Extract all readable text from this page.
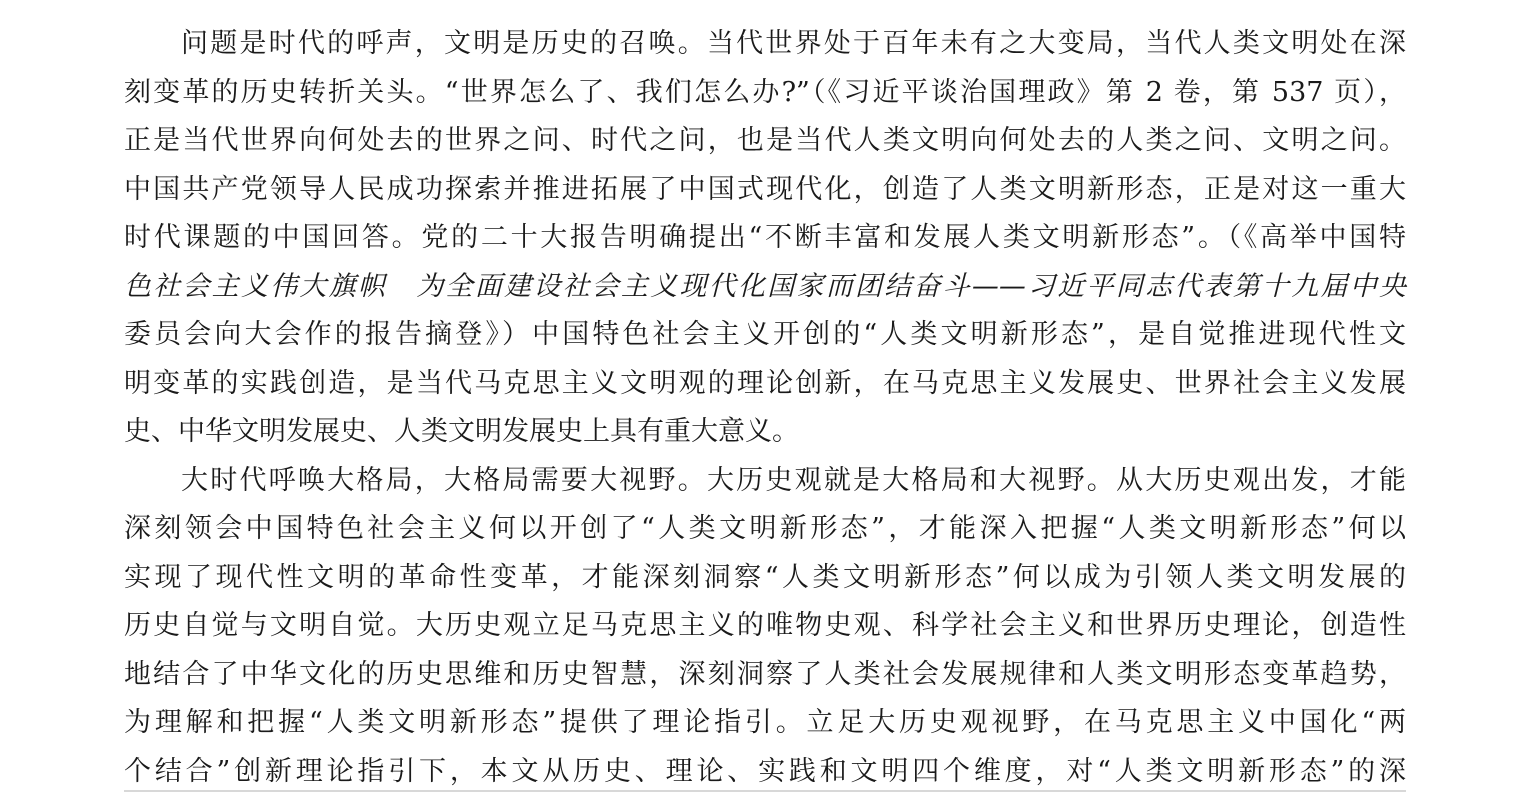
问题是时代的呼声，文明是历史的召唤。当代世界处于百年未有之大变局，当代人类文明处在深
刻变革的历史转折关头。“世界怎么了、我们怎么办?”（《习近平谈治国理政》第 2 卷，第 537 页），
正是当代世界向何处去的世界之问、时代之问，也是当代人类文明向何处去的人类之问、文明之问。
中国共产党领导人民成功探索并推进拓展了中国式现代化，创造了人类文明新形态，正是对这一重大
时代课题的中国回答。党的二十大报告明确提出“不断丰富和发展人类文明新形态”。（《高举中国特
色社会主义伟大旗帜　为全面建设社会主义现代化国家而团结奋斗——习近平同志代表第十九届中央
委员会向大会作的报告摘登》）中国特色社会主义开创的“人类文明新形态”，是自觉推进现代性文
明变革的实践创造，是当代马克思主义文明观的理论创新，在马克思主义发展史、世界社会主义发展
史、中华文明发展史、人类文明发展史上具有重大意义。
大时代呼唤大格局，大格局需要大视野。大历史观就是大格局和大视野。从大历史观出发，才能
深刻领会中国特色社会主义何以开创了“人类文明新形态”，才能深入把握“人类文明新形态”何以
实现了现代性文明的革命性变革，才能深刻洞察“人类文明新形态”何以成为引领人类文明发展的
历史自觉与文明自觉。大历史观立足马克思主义的唯物史观、科学社会主义和世界历史理论，创造性
地结合了中华文化的历史思维和历史智慧，深刻洞察了人类社会发展规律和人类文明形态变革趋势，
为理解和把握“人类文明新形态”提供了理论指引。立足大历史观视野，在马克思主义中国化“两
个结合”创新理论指引下，本文从历史、理论、实践和文明四个维度，对“人类文明新形态”的深
